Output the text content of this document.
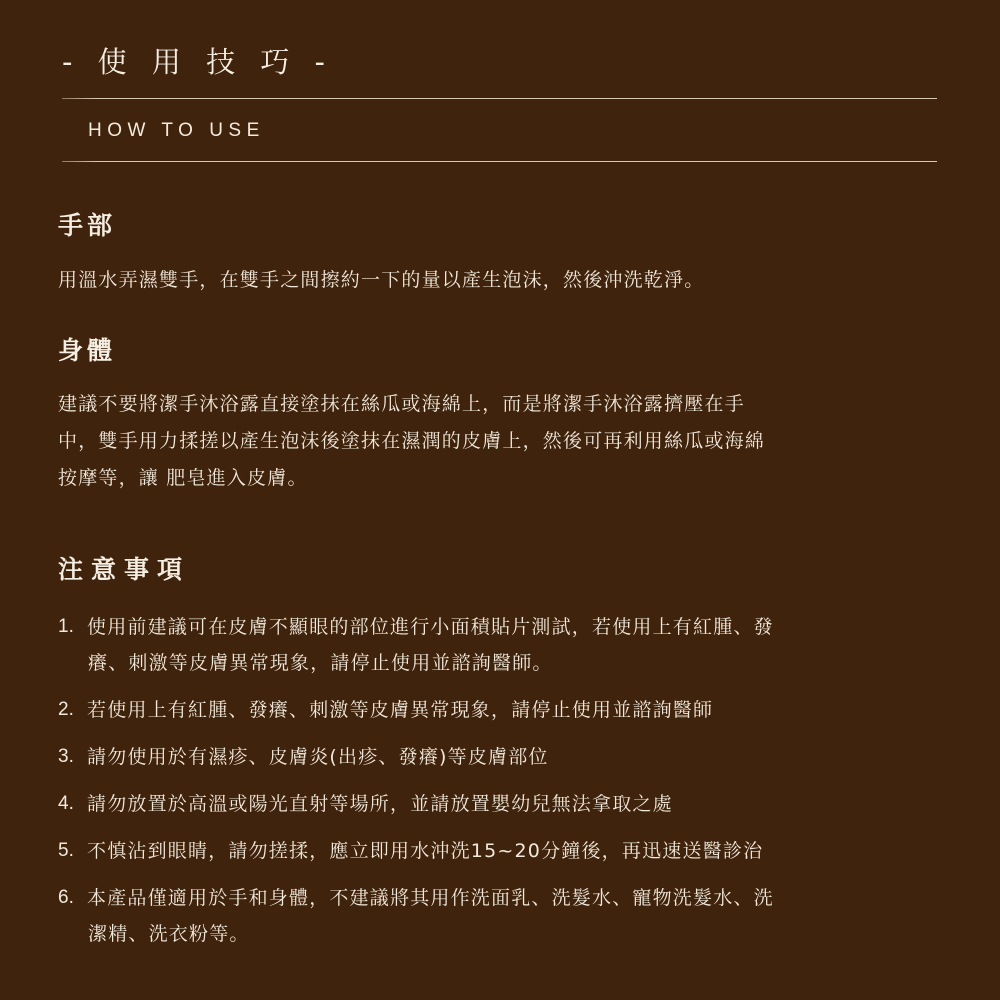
- 使 用 技 巧 -
HOW TO USE
手部
用溫水弄濕雙手，在雙手之間擦約一下的量以產生泡沫，然後沖洗乾淨。
身體
建議不要將潔手沐浴露直接塗抹在絲瓜或海綿上，而是將潔手沐浴露擠壓在手
中，雙手用力揉搓以產生泡沫後塗抹在濕潤的皮膚上，然後可再利用絲瓜或海綿
按摩等，讓 肥皂進入皮膚。
注意事項
1. 使用前建議可在皮膚不顯眼的部位進行小面積貼片測試，若使用上有紅腫、發
癢、刺激等皮膚異常現象，請停止使用並諮詢醫師。
2. 若使用上有紅腫、發癢、刺激等皮膚異常現象，請停止使用並諮詢醫師
3. 請勿使用於有濕疹、皮膚炎(出疹、發癢)等皮膚部位
4. 請勿放置於高溫或陽光直射等場所，並請放置嬰幼兒無法拿取之處
5. 不慎沾到眼睛，請勿搓揉，應立即用水沖洗15~20分鐘後，再迅速送醫診治
6. 本產品僅適用於手和身體，不建議將其用作洗面乳、洗髮水、寵物洗髮水、洗
潔精、洗衣粉等。
